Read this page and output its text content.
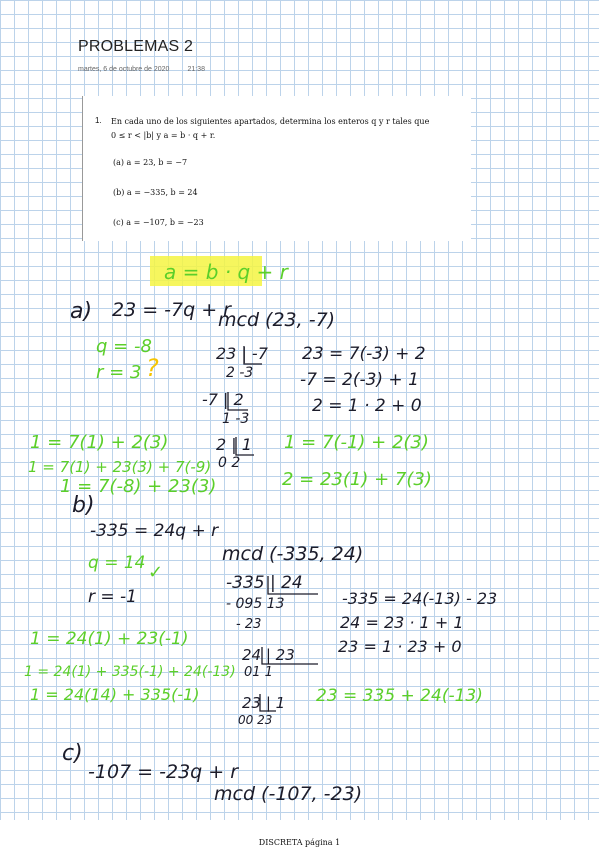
PROBLEMAS 2
martes, 6 de octubre de 2020	21:38
1. En cada uno de los siguientes apartados, determina los enteros q y r tales que
0 ≤ r < |b| y a = b · q + r.
(a) a = 23, b = −7
(b) a = −335, b = 24
(c) a = −107, b = −23
a = b · q + r
a) 23 = -7q + r
mcd (23, -7)
q = -8
r = 3 ?
23 | -7
2 -3
-7 | 2
1 -3
2 | 1
0 2
23 = 7(-3) + 2
-7 = 2(-3) + 1
2 = 1 · 2 + 0
1 = 7(1) + 2(3)
1 = 7(1) + 23(3) + 7(-9)
1 = 7(-8) + 23(3)
1 = 7(-1) + 2(3)
2 = 23(1) + 7(3)
b)
-335 = 24q + r
mcd (-335, 24)
q = 14 ✓
r = -1
-335 | 24
- 095 13
- 23
24 | 23
01 1
23 | 1
00 23
-335 = 24(-13) - 23
24 = 23 · 1 + 1
23 = 1 · 23 + 0
1 = 24(1) + 23(-1)
1 = 24(1) + 335(-1) + 24(-13)
1 = 24(14) + 335(-1)	23 = 335 + 24(-13)
c)
-107 = -23q + r
mcd (-107, -23)
DISCRETA página 1
